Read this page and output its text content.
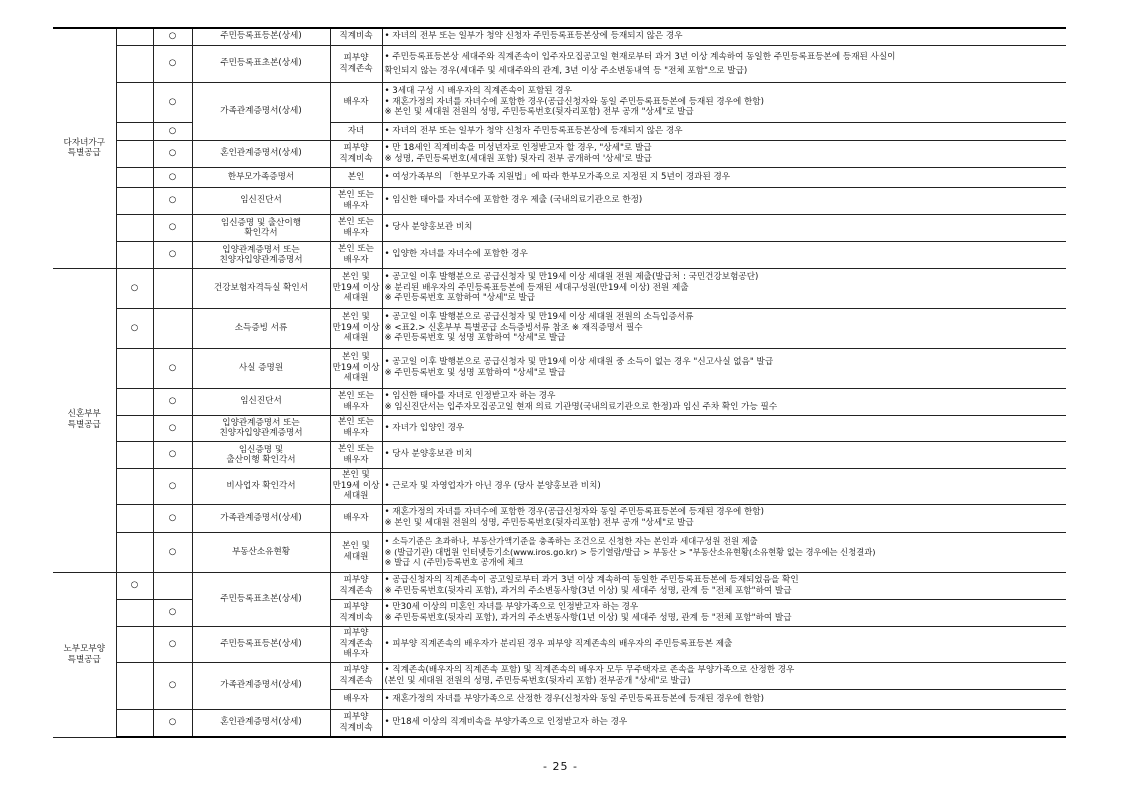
다자녀가구
특별공급		○	주민등록표등본(상세)	직계비속	• 자녀의 전부 또는 일부가 청약 신청자 주민등록표등본상에 등재되지 않은 경우
		○	주민등록표초본(상세)	피부양
직계존속	• 주민등록표등본상 세대주와 직계존속이 입주자모집공고일 현재로부터 과거 3년 이상 계속하여 동일한 주민등록표등본에 등재된 사실이
확인되지 않는 경우(세대주 및 세대주와의 관계, 3년 이상 주소변동내역 등 "전체 포함"으로 발급)
		○	가족관계증명서(상세)	배우자	• 3세대 구성 시 배우자의 직계존속이 포함된 경우
• 재혼가정의 자녀를 자녀수에 포함한 경우(공급신청자와 동일 주민등록표등본에 등재된 경우에 한함)
※ 본인 및 세대원 전원의 성명, 주민등록번호(뒷자리포함) 전부 공개 "상세"로 발급
		○		자녀	• 자녀의 전부 또는 일부가 청약 신청자 주민등록표등본상에 등재되지 않은 경우
		○	혼인관계증명서(상세)	피부양
직계비속	• 만 18세인 직계비속을 미성년자로 인정받고자 할 경우, "상세"로 발급
※ 성명, 주민등록번호(세대원 포함) 뒷자리 전부 공개하여 '상세'로 발급
		○	한부모가족증명서	본인	• 여성가족부의 「한부모가족 지원법」에 따라 한부모가족으로 지정된 지 5년이 경과된 경우
		○	임신진단서	본인 또는
배우자	• 임신한 태아를 자녀수에 포함한 경우 제출 (국내의료기관으로 한정)
		○	임신증명 및 출산이행
확인각서	본인 또는
배우자	• 당사 분양홍보관 비치
		○	입양관계증명서 또는
친양자입양관계증명서	본인 또는
배우자	• 입양한 자녀를 자녀수에 포함한 경우
신혼부부
특별공급	○		건강보험자격득실 확인서	본인 및
만19세 이상
세대원	• 공고일 이후 발행분으로 공급신청자 및 만19세 이상 세대원 전원 제출(발급처 : 국민건강보험공단)
※ 분리된 배우자의 주민등록표등본에 등재된 세대구성원(만19세 이상) 전원 제출
※ 주민등록번호 포함하여 "상세"로 발급
	○		소득증빙 서류	본인 및
만19세 이상
세대원	• 공고일 이후 발행분으로 공급신청자 및 만19세 이상 세대원 전원의 소득입증서류
※ <표2.> 신혼부부 특별공급 소득증빙서류 참조 ※ 재직증명서 필수
※ 주민등록번호 및 성명 포함하여 "상세"로 발급
		○	사실 증명원	본인 및
만19세 이상
세대원	• 공고일 이후 발행분으로 공급신청자 및 만19세 이상 세대원 중 소득이 없는 경우 "신고사실 없음" 발급
※ 주민등록번호 및 성명 포함하여 "상세"로 발급
		○	임신진단서	본인 또는
배우자	• 임신한 태아를 자녀로 인정받고자 하는 경우
※ 임신진단서는 입주자모집공고일 현재 의료 기관명(국내의료기관으로 한정)과 임신 주차 확인 가능 필수
		○	입양관계증명서 또는
친양자입양관계증명서	본인 또는
배우자	• 자녀가 입양인 경우
		○	임신증명 및
출산이행 확인각서	본인 또는
배우자	• 당사 분양홍보관 비치
		○	비사업자 확인각서	본인 및
만19세 이상
세대원	• 근로자 및 자영업자가 아닌 경우 (당사 분양홍보관 비치)
		○	가족관계증명서(상세)	배우자	• 재혼가정의 자녀를 자녀수에 포함한 경우(공급신청자와 동일 주민등록표등본에 등재된 경우에 한함)
※ 본인 및 세대원 전원의 성명, 주민등록번호(뒷자리포함) 전부 공개 "상세"로 발급
		○	부동산소유현황	본인 및
세대원	• 소득기준은 초과하나, 부동산가액기준을 충족하는 조건으로 신청한 자는 본인과 세대구성원 전원 제출
※ (발급기관) 대법원 인터넷등기소(www.iros.go.kr) > 등기열람/발급 > 부동산 > "부동산소유현황(소유현황 없는 경우에는 신청결과)
※ 발급 시 (주민)등록번호 공개에 체크
노부모부양
특별공급	○		주민등록표초본(상세)	피부양
직계존속	• 공급신청자의 직계존속이 공고일로부터 과거 3년 이상 계속하여 동일한 주민등록표등본에 등재되었음을 확인
※ 주민등록번호(뒷자리 포함), 과거의 주소변동사항(3년 이상) 및 세대주 성명, 관계 등 "전체 포함"하여 발급
		○		피부양
직계비속	• 만30세 이상의 미혼인 자녀를 부양가족으로 인정받고자 하는 경우
※ 주민등록번호(뒷자리 포함), 과거의 주소변동사항(1년 이상) 및 세대주 성명, 관계 등 "전체 포함"하여 발급
		○	주민등록표등본(상세)	피부양
직계존속
배우자	• 피부양 직계존속의 배우자가 분리된 경우 피부양 직계존속의 배우자의 주민등록표등본 제출
		○	가족관계증명서(상세)	피부양
직계존속	• 직계존속(배우자의 직계존속 포함) 및 직계존속의 배우자 모두 무주택자로 존속을 부양가족으로 산정한 경우
(본인 및 세대원 전원의 성명, 주민등록번호(뒷자리 포함) 전부공개 "상세"로 발급)
				배우자	• 재혼가정의 자녀를 부양가족으로 산정한 경우(신청자와 동일 주민등록표등본에 등재된 경우에 한함)
		○	혼인관계증명서(상세)	피부양
직계비속	• 만18세 이상의 직계비속을 부양가족으로 인정받고자 하는 경우
- 25 -
